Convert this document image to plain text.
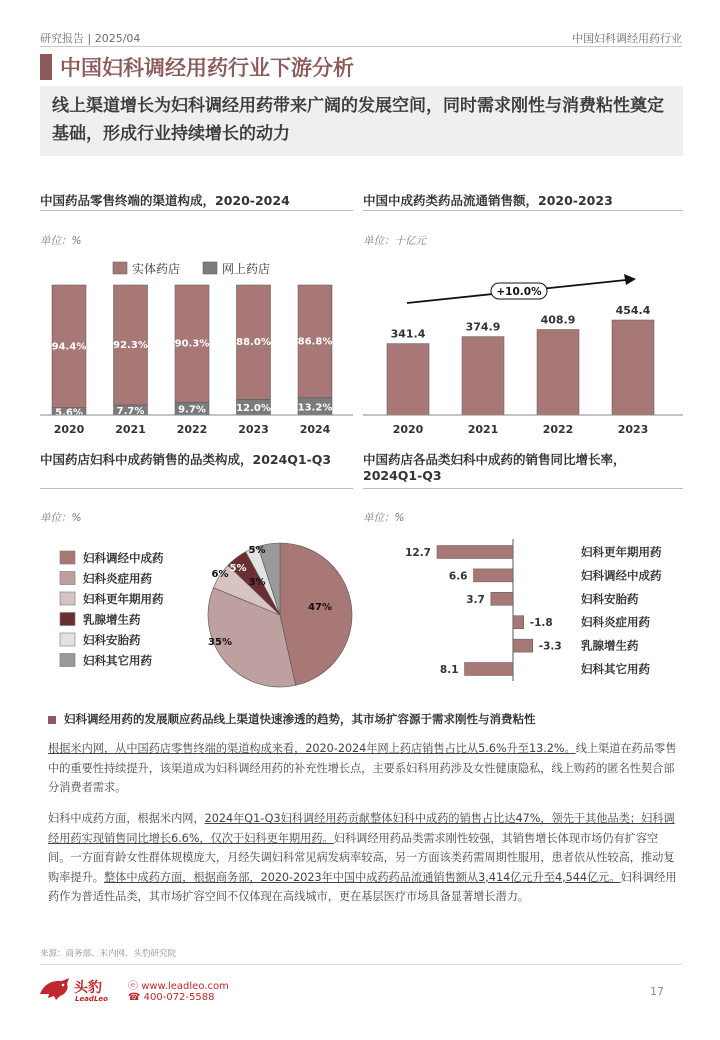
研究报告 | 2025/04	中国妇科调经用药行业
中国妇科调经用药行业下游分析
线上渠道增长为妇科调经用药带来广阔的发展空间，同时需求刚性与消费粘性奠定基础，形成行业持续增长的动力
中国药品零售终端的渠道构成，2020-2024
单位：%
中国中成药类药品流通销售额，2020-2023
单位：十亿元
中国药店妇科中成药销售的品类构成，2024Q1-Q3
单位：%
中国药店各品类妇科中成药的销售同比增长率，2024Q1-Q3
单位：%
实体药店	网上药店
94.4%
5.6%
2020
92.3%
7.7%
2021
90.3%
9.7%
2022
88.0%
12.0%
2023
86.8%
13.2%
2024
341.4
2020
374.9
2021
408.9
2022
454.4
2023
+10.0%
妇科调经中成药
妇科炎症用药
妇科更年期用药
乳腺增生药
妇科安胎药
妇科其它用药
47%
35%
6%
5%
3%
5%	12.7	妇科更年期用药
6.6	妇科调经中成药
3.7	妇科安胎药
-1.8 妇科炎症用药
-3.3 乳腺增生药
8.1	妇科其它用药
妇科调经用药的发展顺应药品线上渠道快速渗透的趋势，其市场扩容源于需求刚性与消费粘性
根据米内网，从中国药店零售终端的渠道构成来看，2020-2024年网上药店销售占比从5.6%升至13.2%。线上渠道在药品零售中的重要性持续提升，该渠道成为妇科调经用药的补充性增长点，主要系妇科用药涉及女性健康隐私，线上购药的匿名性契合部分消费者需求。
妇科中成药方面，根据米内网，2024年Q1-Q3妇科调经用药贡献整体妇科中成药的销售占比达47%，领先于其他品类；妇科调经用药实现销售同比增长6.6%，仅次于妇科更年期用药。妇科调经用药品类需求刚性较强，其销售增长体现市场仍有扩容空间。一方面育龄女性群体规模庞大，月经失调妇科常见病发病率较高，另一方面该类药需周期性服用，患者依从性较高，推动复购率提升。整体中成药方面，根据商务部，2020-2023年中国中成药药品流通销售额从3,414亿元升至4,544亿元。妇科调经用药作为普适性品类，其市场扩容空间不仅体现在高线城市，更在基层医疗市场具备显著增长潜力。
来源：商务部、米内网、头豹研究院
头豹
LeadLeo
ⓔ www.leadleo.com
☎ 400-072-5588	17
